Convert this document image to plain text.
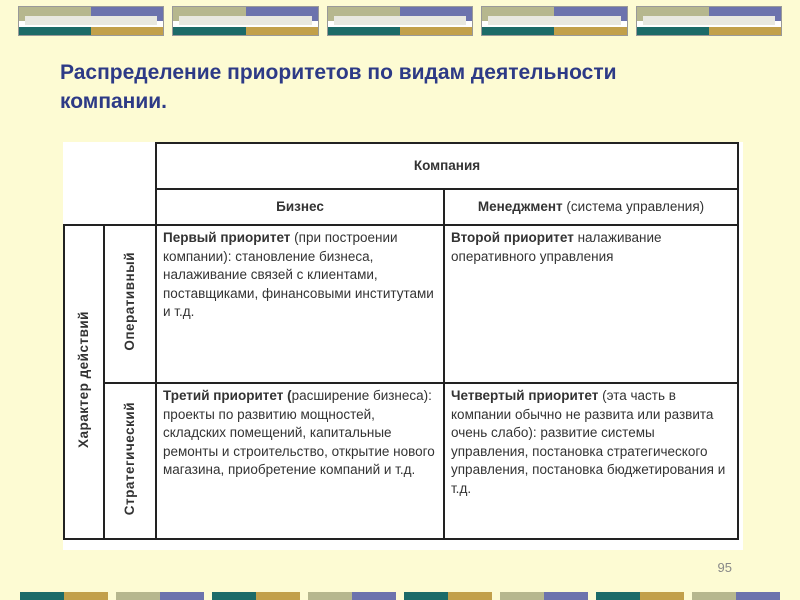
Распределение приоритетов по видам деятельности компании.
		Компания	
		Бизнес	Менеджмент (система управления)
Характер действий	Оперативный	Первый приоритет (при построении компании): становление бизнеса, налаживание связей с клиентами, поставщиками, финансовыми институтами и т.д.	Второй приоритет налаживание оперативного управления
	Стратегический	Третий приоритет (расширение бизнеса): проекты по развитию мощностей, складских помещений, капитальные ремонты и строительство, открытие нового магазина, приобретение компаний и т.д.	Четвертый приоритет (эта часть в компании обычно не развита или развита очень слабо): развитие системы управления, постановка стратегического управления, постановка бюджетирования и т.д.
95
